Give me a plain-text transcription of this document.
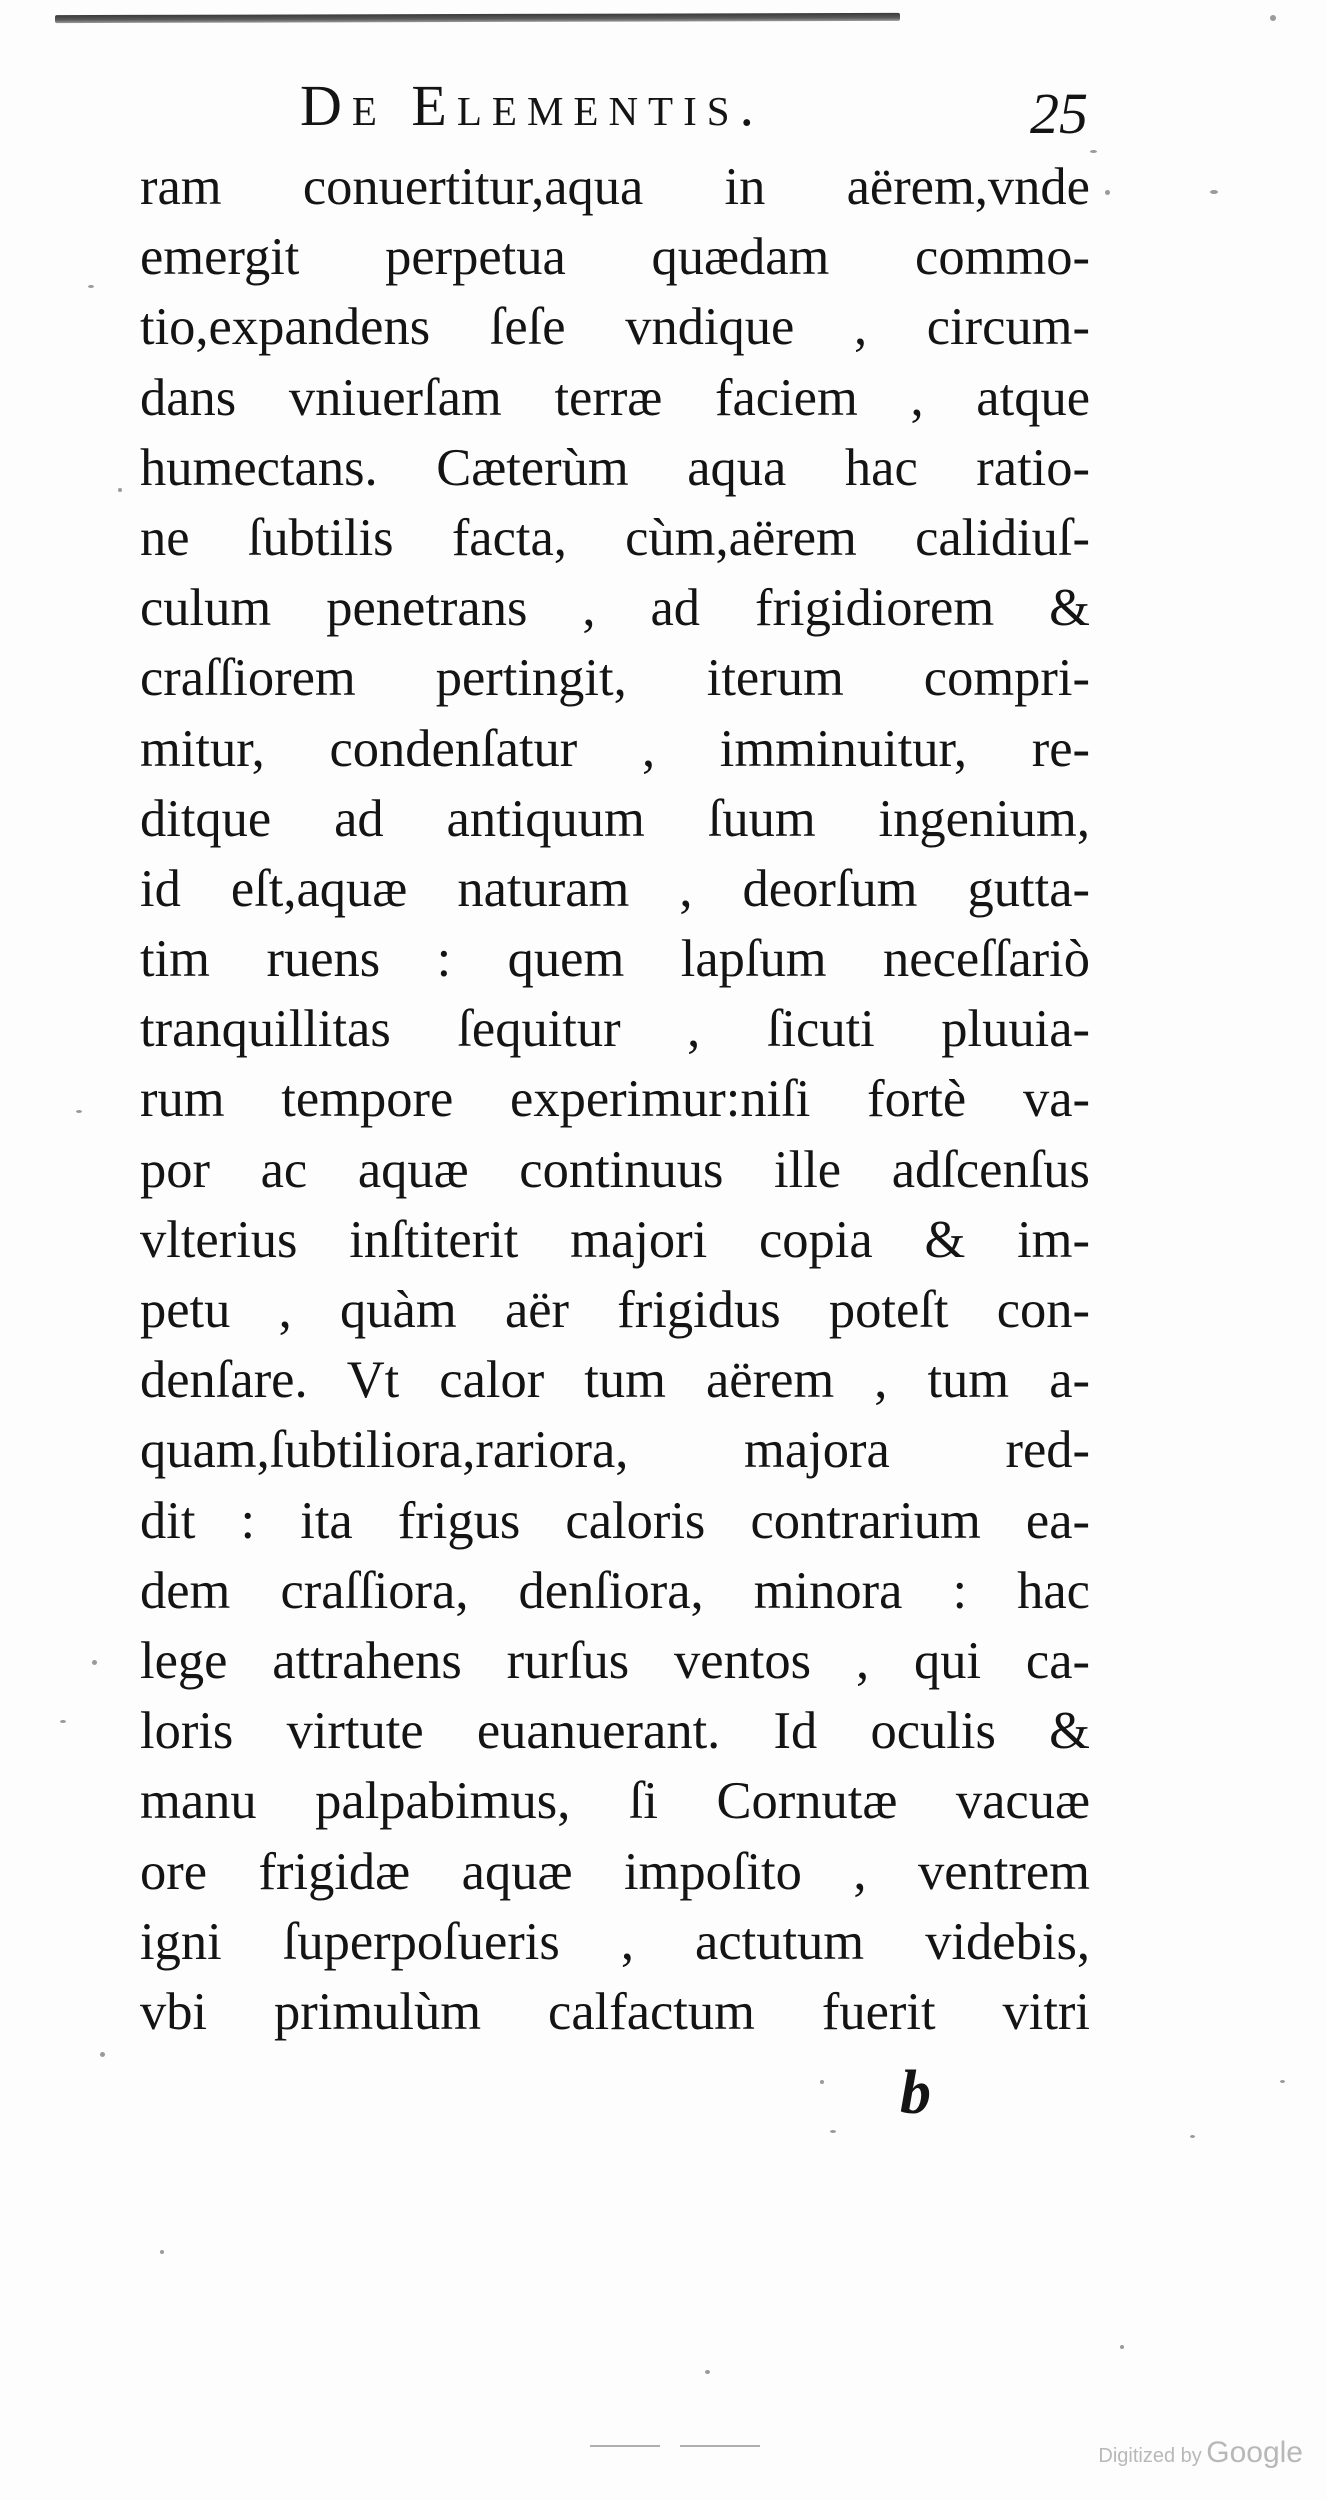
De Elementis.	25
ram conuertitur,aqua in aërem,vnde
emergit perpetua quædam commo-
tio,expandens ſeſe vndique , circum-
dans vniuerſam terræ faciem , atque
humectans. Cæterùm aqua hac ratio-
ne ſubtilis facta, cùm,aërem calidiuſ-
culum penetrans , ad frigidiorem &
craſſiorem pertingit, iterum compri-
mitur, condenſatur , imminuitur, re-
ditque ad antiquum ſuum ingenium,
id eſt,aquæ naturam , deorſum gutta-
tim ruens : quem lapſum neceſſariò
tranquillitas ſequitur , ſicuti pluuia-
rum tempore experimur:niſi fortè va-
por ac aquæ continuus ille adſcenſus
vlterius inſtiterit majori copia & im-
petu , quàm aër frigidus poteſt con-
denſare. Vt calor tum aërem , tum a-
quam,ſubtiliora,rariora, majora red-
dit : ita frigus caloris contrarium ea-
dem craſſiora, denſiora, minora : hac
lege attrahens rurſus ventos , qui ca-
loris virtute euanuerant. Id oculis &
manu palpabimus, ſi Cornutæ vacuæ
ore frigidæ aquæ impoſito , ventrem
igni ſuperpoſueris , actutum videbis,
vbi primulùm calfactum fuerit vitri
b
Digitized by Google
